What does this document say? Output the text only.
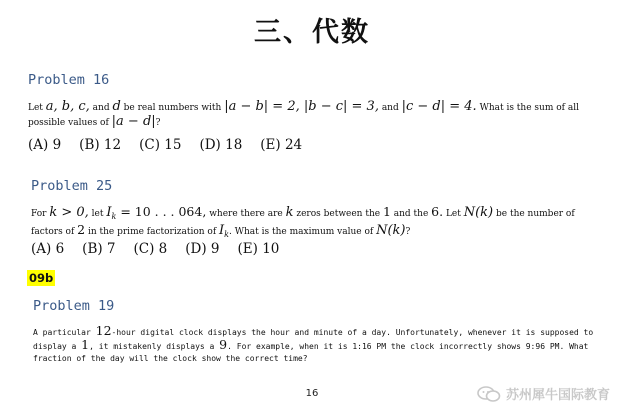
三、代数
Problem 16
Let a, b, c, and d be real numbers with |a − b| = 2, |b − c| = 3, and |c − d| = 4. What is the sum of all
possible values of |a − d|?
(A) 9 (B) 12 (C) 15 (D) 18 (E) 24
Problem 25
For k > 0, let $I_k = 10$ . . . 064, where there are k zeros between the 1 and the 6. Let N(k) be the number of
factors of 2 in the prime factorization of $I_k$. What is the maximum value of N(k)?
(A) 6 (B) 7 (C) 8 (D) 9 (E) 10
09b
Problem 19
A particular 12-hour digital clock displays the hour and minute of a day. Unfortunately, whenever it is supposed to
display a 1, it mistakenly displays a 9. For example, when it is 1:16 PM the clock incorrectly shows 9:96 PM. What
fraction of the day will the clock show the correct time?
16	苏州犀牛国际教育
